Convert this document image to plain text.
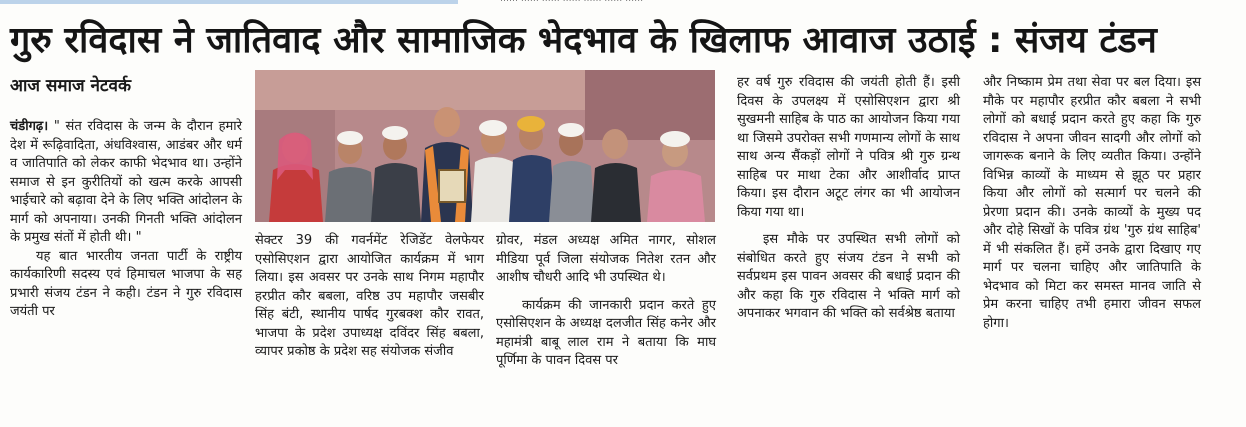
गुरु रविदास ने जातिवाद और सामाजिक भेदभाव के खिलाफ आवाज उठाई : संजय टंडन
आज समाज नेटवर्क

चंडीगढ़। " संत रविदास के जन्म के दौरान हमारे देश में रूढ़िवादिता, अंधविश्वास, आडंबर और धर्म व जातिपाति को लेकर काफी भेदभाव था। उन्होंने समाज से इन कुरीतियों को खत्म करके आपसी भाईचारे को बढ़ावा देने के लिए भक्ति आंदोलन के मार्ग को अपनाया। उनकी गिनती भक्ति आंदोलन के प्रमुख संतों में होती थी। "

यह बात भारतीय जनता पार्टी के राष्ट्रीय कार्यकारिणी सदस्य एवं हिमाचल भाजपा के सह प्रभारी संजय टंडन ने कही। टंडन ने गुरु रविदास जयंती पर

सेक्टर 39 की गवर्नमेंट रेजिडेंट वेलफेयर एसोसिएशन द्वारा आयोजित कार्यक्रम में भाग लिया। इस अवसर पर उनके साथ निगम महापौर हरप्रीत कौर बबला, वरिष्ठ उप महापौर जसबीर सिंह बंटी, स्थानीय पार्षद गुरबक्श कौर रावत, भाजपा के प्रदेश उपाध्यक्ष दविंदर सिंह बबला, व्यापर प्रकोष्ठ के प्रदेश सह संयोजक संजीव

ग्रोवर, मंडल अध्यक्ष अमित नागर, सोशल मीडिया पूर्व जिला संयोजक नितेश रतन और आशीष चौधरी आदि भी उपस्थित थे।

कार्यक्रम की जानकारी प्रदान करते हुए एसोसिएशन के अध्यक्ष दलजीत सिंह कनेर और महामंत्री बाबू लाल राम ने बताया कि माघ पूर्णिमा के पावन दिवस पर

हर वर्ष गुरु रविदास की जयंती होती हैं। इसी दिवस के उपलक्ष्य में एसोसिएशन द्वारा श्री सुखमनी साहिब के पाठ का आयोजन किया गया था जिसमे उपरोक्त सभी गणमान्य लोगों के साथ साथ अन्य सैंकड़ों लोगों ने पवित्र श्री गुरु ग्रन्थ साहिब पर माथा टेका और आशीर्वाद प्राप्त किया। इस दौरान अटूट लंगर का भी आयोजन किया गया था।

इस मौके पर उपस्थित सभी लोगों को संबोधित करते हुए संजय टंडन ने सभी को सर्वप्रथम इस पावन अवसर की बधाई प्रदान की और कहा कि गुरु रविदास ने भक्ति मार्ग को अपनाकर भगवान की भक्ति को सर्वश्रेष्ठ बताया

और निष्काम प्रेम तथा सेवा पर बल दिया। इस मौके पर महापौर हरप्रीत कौर बबला ने सभी लोगों को बधाई प्रदान करते हुए कहा कि गुरु रविदास ने अपना जीवन सादगी और लोगों को जागरूक बनाने के लिए व्यतीत किया। उन्होंने विभिन्न काव्यों के माध्यम से झूठ पर प्रहार किया और लोगों को सत्मार्ग पर चलने की प्रेरणा प्रदान की। उनके काव्यों के मुख्य पद और दोहे सिखों के पवित्र ग्रंथ 'गुरु ग्रंथ साहिब' में भी संकलित हैं। हमें उनके द्वारा दिखाए गए मार्ग पर चलना चाहिए और जातिपाति के भेदभाव को मिटा कर समस्त मानव जाति से प्रेम करना चाहिए तभी हमारा जीवन सफल होगा।
